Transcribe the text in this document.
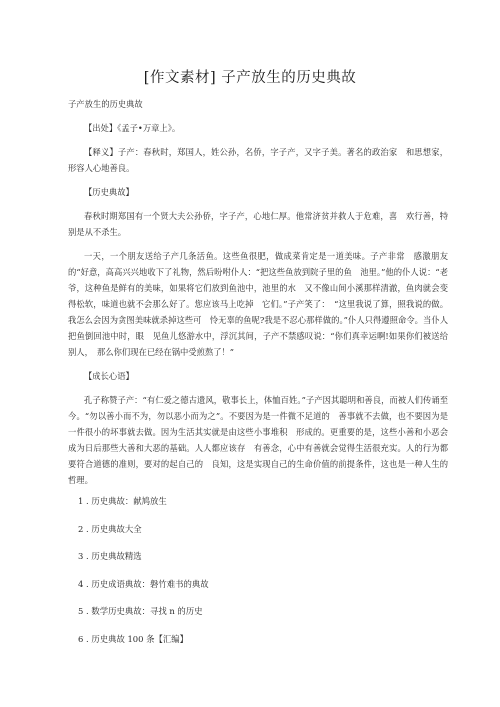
[作文素材] 子产放生的历史典故

子产放生的历史典故

【出处】《孟子•万章上》。

【释义】子产：春秋时，郑国人，姓公孙，名侨，字子产，又字子美。著名的政治家　和思想家，形容人心地善良。

【历史典故】

春秋时期郑国有一个贤大夫公孙侨，字子产，心地仁厚。他常济贫并救人于危难，喜　欢行善，特别是从不杀生。

一天，一个朋友送给子产几条活鱼。这些鱼很肥，做成菜肯定是一道美味。子产非常　感激朋友的“好意，高高兴兴地收下了礼物，然后吩咐仆人：“把这些鱼放到院子里的鱼　池里。”他的仆人说：“老爷，这种鱼是鲜有的美味，如果将它们放到鱼池中，池里的水　又不像山间小溪那样清澈，鱼肉就会变得松软，味道也就不会那么好了。您应该马上吃掉　它们。”子产笑了：　“这里我说了算，照我说的做。我怎么会因为贪图美味就杀掉这些可　怜无辜的鱼呢?我是不忍心那样做的。”仆人只得遵照命令。当仆人把鱼倒回池中时，眼　见鱼儿悠游水中，浮沉其间，子产不禁感叹说：“你们真幸运啊!如果你们被送给别人，　那么你们现在已经在锅中受煎熬了！”

【成长心语】

孔子称赞子产：“有仁爱之德古遗风，敬事长上，体恤百姓。”子产因其聪明和善良，而被人们传诵至今。“勿以善小而不为，勿以恶小而为之”。不要因为是一件微不足道的　善事就不去做，也不要因为是一件很小的坏事就去做。因为生活其实就是由这些小事堆积　形成的。更重要的是，这些小善和小恶会成为日后那些大善和大恶的基础。人人都应该存　有善念，心中有善就会觉得生活很充实。人的行为都要符合道德的准则，要对的起自己的　良知，这是实现自己的生命价值的前提条件，这也是一种人生的哲理。

1 . 历史典故：献鸠放生
2 . 历史典故大全
3 . 历史典故精选
4 . 历史成语典故：磐竹难书的典故
5 . 数学历史典故：寻找 n 的历史
6 . 历史典故 100 条【汇编】
